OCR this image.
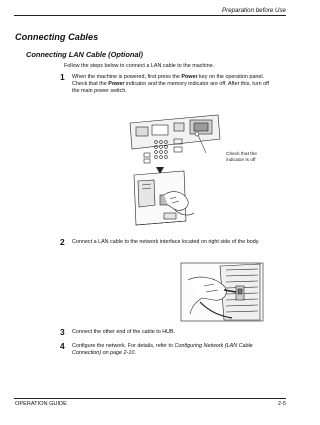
Preparation before Use
Connecting Cables
Connecting LAN Cable (Optional)
Follow the steps below to connect a LAN cable to the machine.
1 When the machine is powered, first press the Power key on the operation panel. Check that the Power indicator and the memory indicator are off. After this, turn off the main power switch.
Check that the indicator is off
2 Connect a LAN cable to the network interface located on right side of the body.
3 Connect the other end of the cable to HUB.
4 Configure the network. For details, refer to Configuring Network (LAN Cable Connection) on page 2-10.
OPERATION GUIDE	2-5
